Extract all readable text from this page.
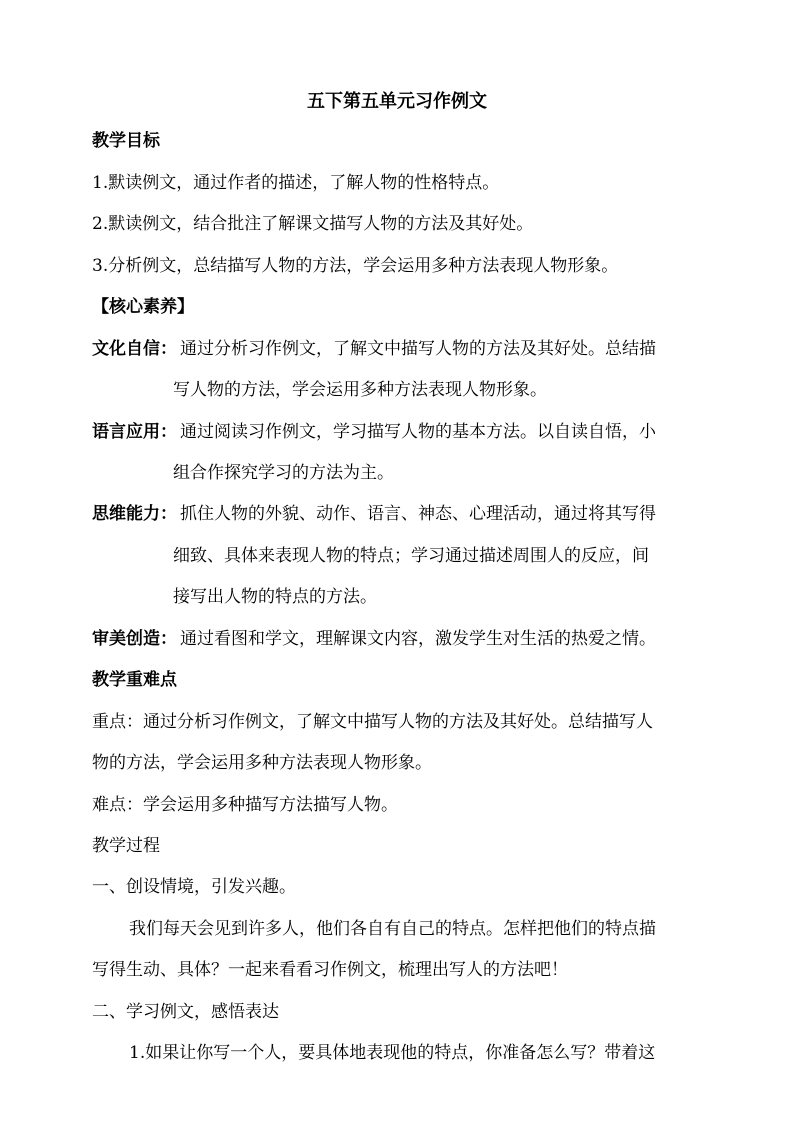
五下第五单元习作例文
教学目标
1.默读例文，通过作者的描述，了解人物的性格特点。
2.默读例文，结合批注了解课文描写人物的方法及其好处。
3.分析例文，总结描写人物的方法，学会运用多种方法表现人物形象。
【核心素养】
文化自信： 通过分析习作例文，了解文中描写人物的方法及其好处。总结描
写人物的方法，学会运用多种方法表现人物形象。
语言应用： 通过阅读习作例文，学习描写人物的基本方法。以自读自悟，小
组合作探究学习的方法为主。
思维能力： 抓住人物的外貌、动作、语言、神态、心理活动，通过将其写得
细致、具体来表现人物的特点；学习通过描述周围人的反应，间
接写出人物的特点的方法。
审美创造： 通过看图和学文，理解课文内容，激发学生对生活的热爱之情。
教学重难点
重点：通过分析习作例文，了解文中描写人物的方法及其好处。总结描写人
物的方法，学会运用多种方法表现人物形象。
难点：学会运用多种描写方法描写人物。
教学过程
一、创设情境，引发兴趣。
我们每天会见到许多人，他们各自有自己的特点。怎样把他们的特点描
写得生动、具体？一起来看看习作例文，梳理出写人的方法吧！
二、学习例文，感悟表达
1.如果让你写一个人，要具体地表现他的特点，你准备怎么写？带着这
